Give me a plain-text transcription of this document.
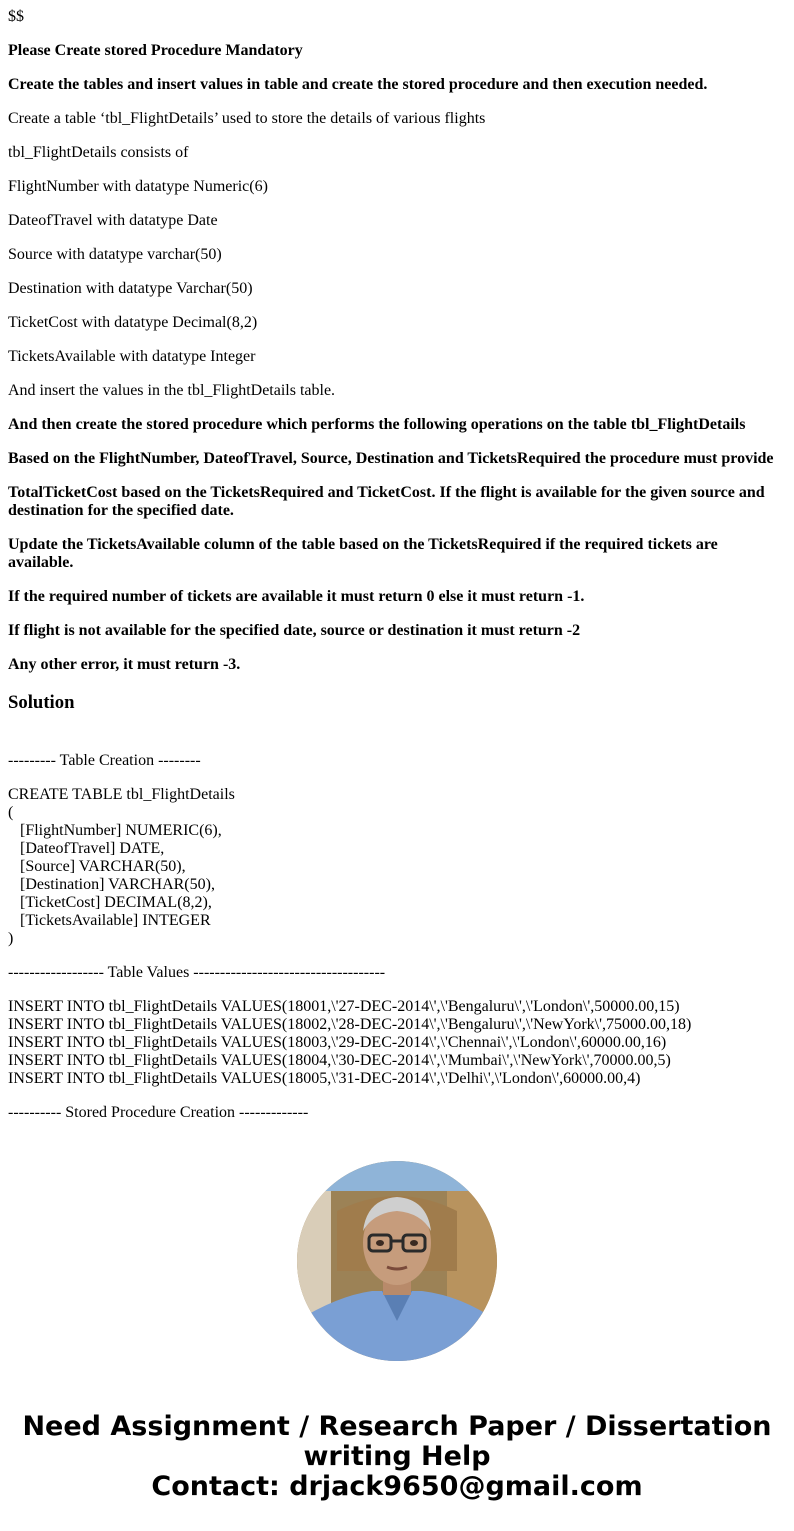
$$

Please Create stored Procedure Mandatory

Create the tables and insert values in table and create the stored procedure and then execution needed.

Create a table ‘tbl_FlightDetails’ used to store the details of various flights

tbl_FlightDetails consists of

FlightNumber with datatype Numeric(6)

DateofTravel with datatype Date

Source with datatype varchar(50)

Destination with datatype Varchar(50)

TicketCost with datatype Decimal(8,2)

TicketsAvailable with datatype Integer

And insert the values in the tbl_FlightDetails table.

And then create the stored procedure which performs the following operations on the table tbl_FlightDetails

Based on the FlightNumber, DateofTravel, Source, Destination and TicketsRequired the procedure must provide

TotalTicketCost based on the TicketsRequired and TicketCost. If the flight is available for the given source and destination for the specified date.

Update the TicketsAvailable column of the table based on the TicketsRequired if the required tickets are available.

If the required number of tickets are available it must return 0 else it must return -1.

If flight is not available for the specified date, source or destination it must return -2

Any other error, it must return -3.

Solution
--------- Table Creation --------
CREATE TABLE tbl_FlightDetails
(
[FlightNumber] NUMERIC(6),
[DateofTravel] DATE,
[Source] VARCHAR(50),
[Destination] VARCHAR(50),
[TicketCost] DECIMAL(8,2),
[TicketsAvailable] INTEGER
)
------------------ Table Values ------------------------------------
INSERT INTO tbl_FlightDetails VALUES(18001,\'27-DEC-2014\',\'Bengaluru\',\'London\',50000.00,15)
INSERT INTO tbl_FlightDetails VALUES(18002,\'28-DEC-2014\',\'Bengaluru\',\'NewYork\',75000.00,18)
INSERT INTO tbl_FlightDetails VALUES(18003,\'29-DEC-2014\',\'Chennai\',\'London\',60000.00,16)
INSERT INTO tbl_FlightDetails VALUES(18004,\'30-DEC-2014\',\'Mumbai\',\'NewYork\',70000.00,5)
INSERT INTO tbl_FlightDetails VALUES(18005,\'31-DEC-2014\',\'Delhi\',\'London\',60000.00,4)
---------- Stored Procedure Creation -------------
Need Assignment / Research Paper / Dissertation
writing Help
Contact: drjack9650@gmail.com
